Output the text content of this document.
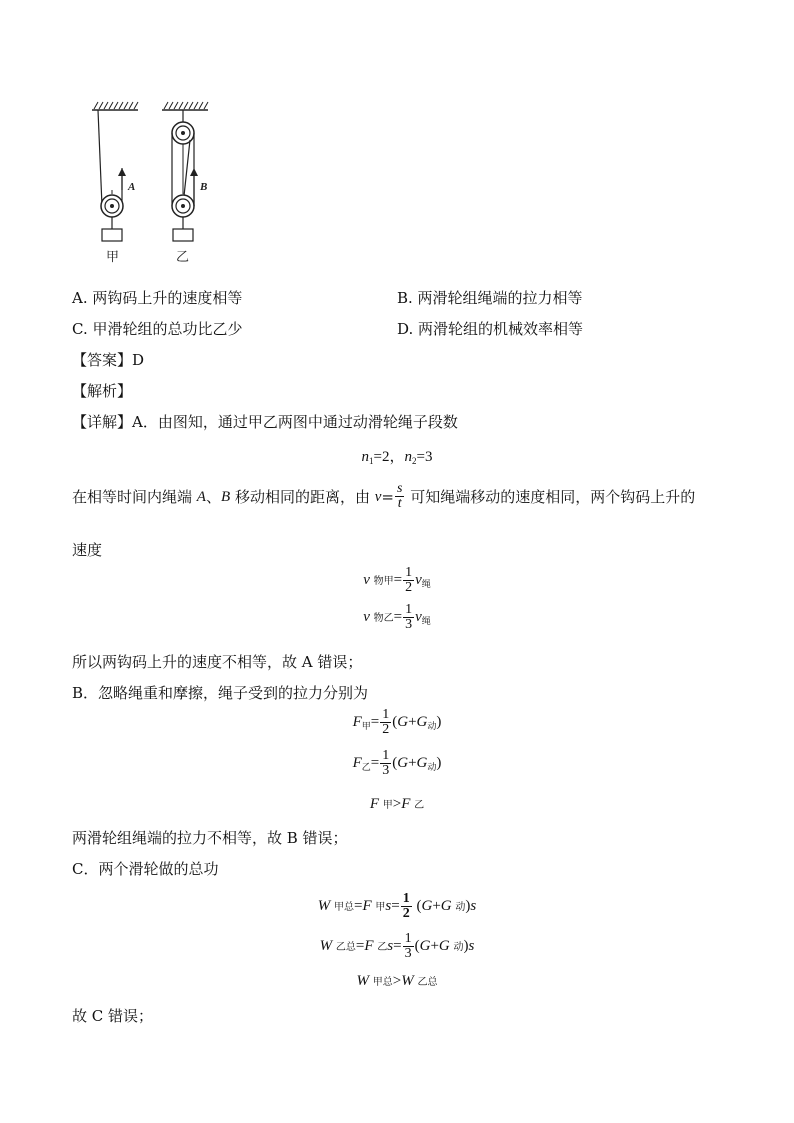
A
甲
B
乙
A. 两钩码上升的速度相等	B. 两滑轮组绳端的拉力相等
C. 甲滑轮组的总功比乙少	D. 两滑轮组的机械效率相等
【答案】D
【解析】
【详解】A．由图知，通过甲乙两图中通过动滑轮绳子段数
$n_1=2$，$n_2=3$
在相等时间内绳端
A 、 B
移动相同的距离，由
$v = \frac{s}{t}$
可知绳端移动的速度相同，两个钩码上升的
速度
v 物甲= $\frac{1}{2} v_绳$
v 物乙= $\frac{1}{3} v_绳$
所以两钩码上升的速度不相等，故 A 错误；
B．忽略绳重和摩擦，绳子受到的拉力分别为
$F_甲= \frac{1}{2} (G+G_动)$
$F_乙= \frac{1}{3} (G+G_动)$
F 甲>F 乙
两滑轮组绳端的拉力不相等，故 B 错误；
C．两个滑轮做的总功
W 甲总=F 甲$s= \frac{1}{2} (G+G$ 动)s
W 乙总=F 乙$s= \frac{1}{3} (G+G$ 动)s
W 甲总>W 乙总
故 C 错误；
